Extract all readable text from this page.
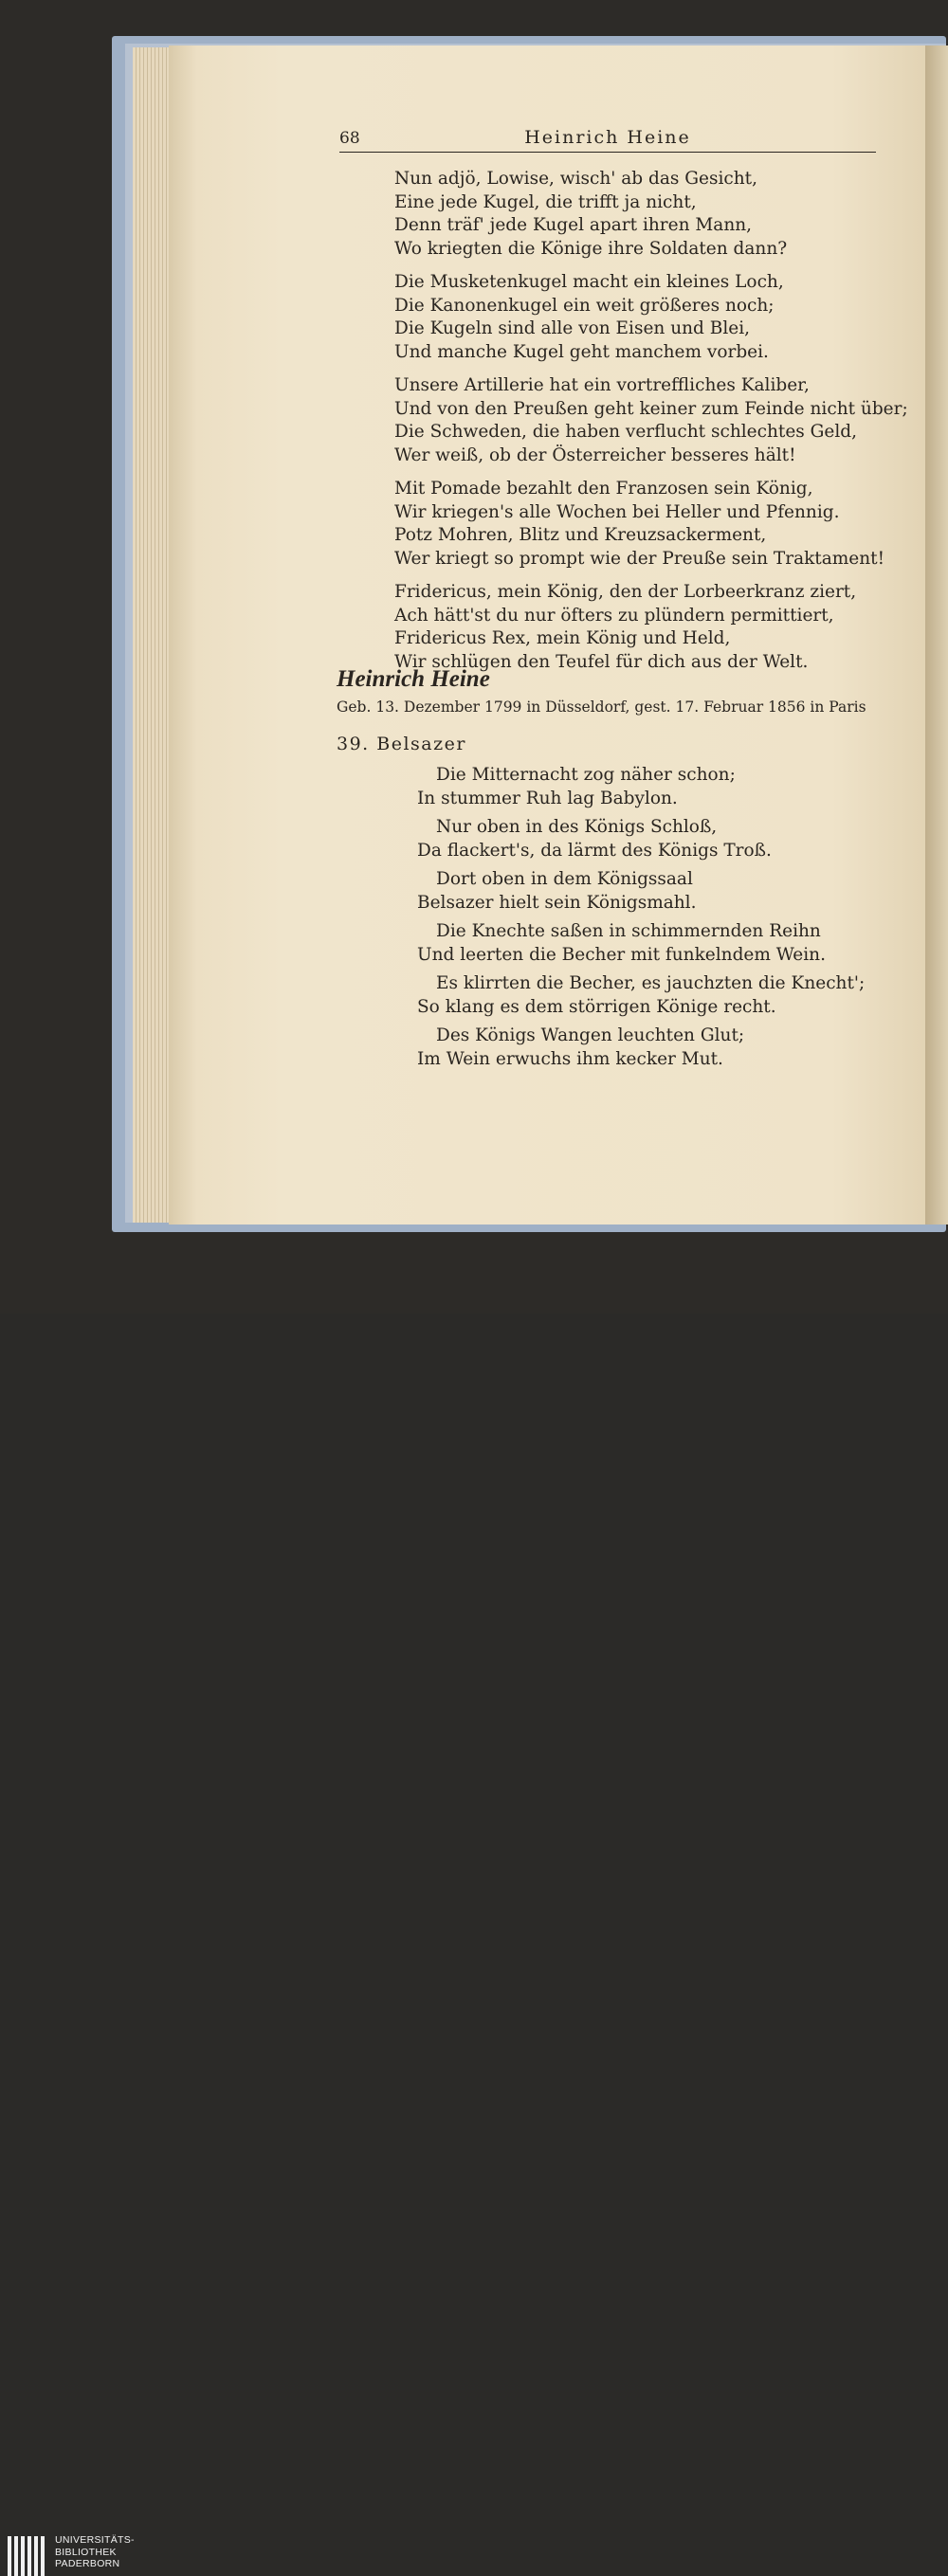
68	Heinrich Heine
Nun adjö, Lowise, wisch' ab das Gesicht,
Eine jede Kugel, die trifft ja nicht,
Denn träf' jede Kugel apart ihren Mann,
Wo kriegten die Könige ihre Soldaten dann?
Die Musketenkugel macht ein kleines Loch,
Die Kanonenkugel ein weit größeres noch;
Die Kugeln sind alle von Eisen und Blei,
Und manche Kugel geht manchem vorbei.
Unsere Artillerie hat ein vortreffliches Kaliber,
Und von den Preußen geht keiner zum Feinde nicht über;
Die Schweden, die haben verflucht schlechtes Geld,
Wer weiß, ob der Österreicher besseres hält!
Mit Pomade bezahlt den Franzosen sein König,
Wir kriegen's alle Wochen bei Heller und Pfennig.
Potz Mohren, Blitz und Kreuzsackerment,
Wer kriegt so prompt wie der Preuße sein Traktament!
Fridericus, mein König, den der Lorbeerkranz ziert,
Ach hätt'st du nur öfters zu plündern permittiert,
Fridericus Rex, mein König und Held,
Wir schlügen den Teufel für dich aus der Welt.
Heinrich Heine
Geb. 13. Dezember 1799 in Düsseldorf, gest. 17. Februar 1856 in Paris
39. Belsazer
Die Mitternacht zog näher schon;
In stummer Ruh lag Babylon.
Nur oben in des Königs Schloß,
Da flackert's, da lärmt des Königs Troß.
Dort oben in dem Königssaal
Belsazer hielt sein Königsmahl.
Die Knechte saßen in schimmernden Reihn
Und leerten die Becher mit funkelndem Wein.
Es klirrten die Becher, es jauchzten die Knecht';
So klang es dem störrigen Könige recht.
Des Königs Wangen leuchten Glut;
Im Wein erwuchs ihm kecker Mut.
UNIVERSITÄTS-
BIBLIOTHEK
PADERBORN
